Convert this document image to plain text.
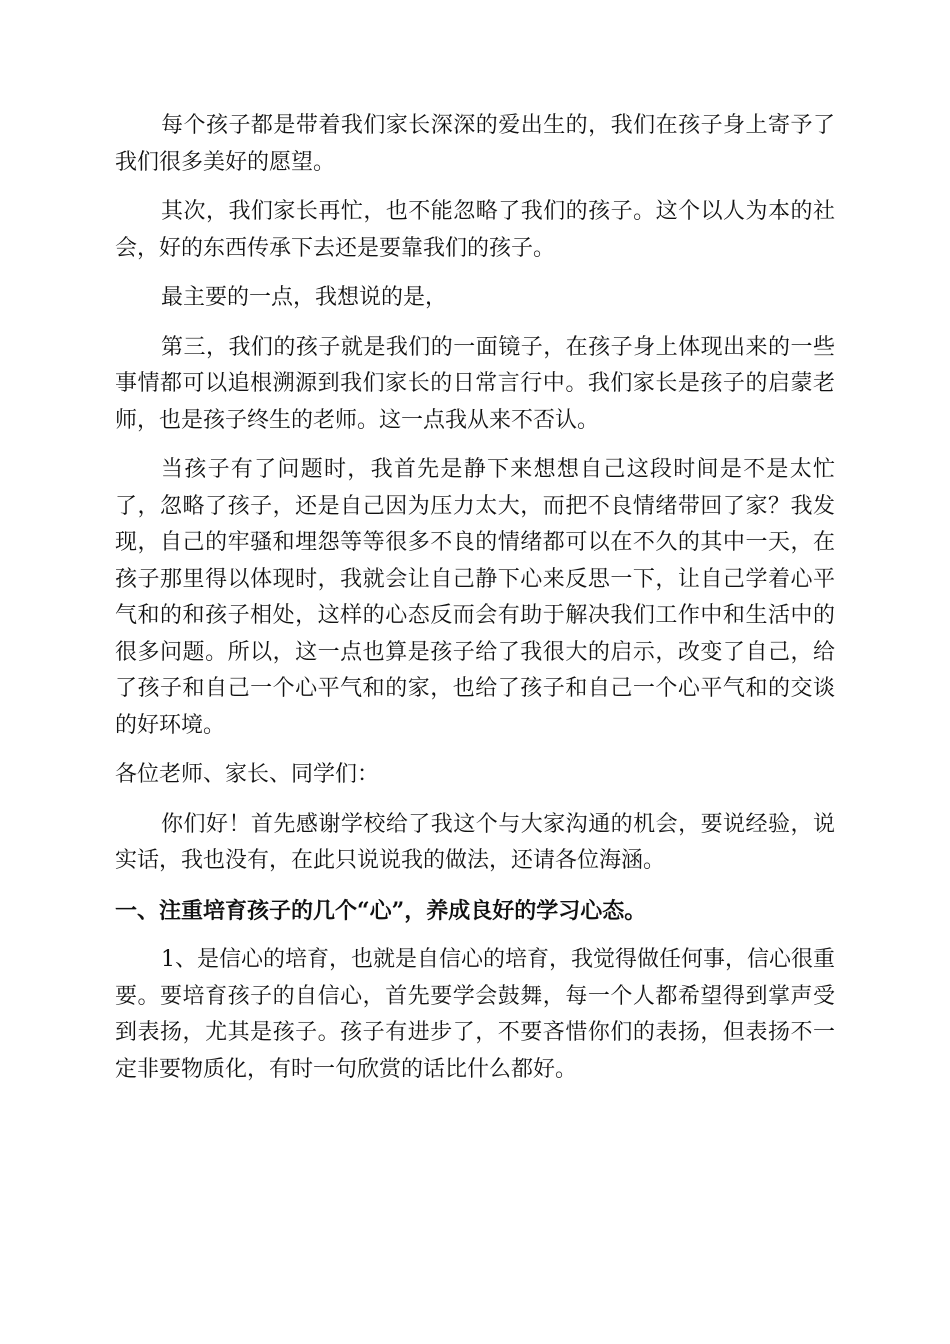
每个孩子都是带着我们家长深深的爱出生的，我们在孩子身上寄予了我们很多美好的愿望。

其次，我们家长再忙，也不能忽略了我们的孩子。这个以人为本的社会，好的东西传承下去还是要靠我们的孩子。

最主要的一点，我想说的是，

第三，我们的孩子就是我们的一面镜子，在孩子身上体现出来的一些事情都可以追根溯源到我们家长的日常言行中。我们家长是孩子的启蒙老师，也是孩子终生的老师。这一点我从来不否认。

当孩子有了问题时，我首先是静下来想想自己这段时间是不是太忙了，忽略了孩子，还是自己因为压力太大，而把不良情绪带回了家？我发现，自己的牢骚和埋怨等等很多不良的情绪都可以在不久的其中一天，在孩子那里得以体现时，我就会让自己静下心来反思一下，让自己学着心平气和的和孩子相处，这样的心态反而会有助于解决我们工作中和生活中的很多问题。所以，这一点也算是孩子给了我很大的启示，改变了自己，给了孩子和自己一个心平气和的家，也给了孩子和自己一个心平气和的交谈的好环境。

各位老师、家长、同学们：

你们好！首先感谢学校给了我这个与大家沟通的机会，要说经验，说实话，我也没有，在此只说说我的做法，还请各位海涵。

一、注重培育孩子的几个“心”，养成良好的学习心态。

1、是信心的培育，也就是自信心的培育，我觉得做任何事，信心很重要。要培育孩子的自信心，首先要学会鼓舞，每一个人都希望得到掌声受到表扬，尤其是孩子。孩子有进步了，不要吝惜你们的表扬，但表扬不一定非要物质化，有时一句欣赏的话比什么都好。
